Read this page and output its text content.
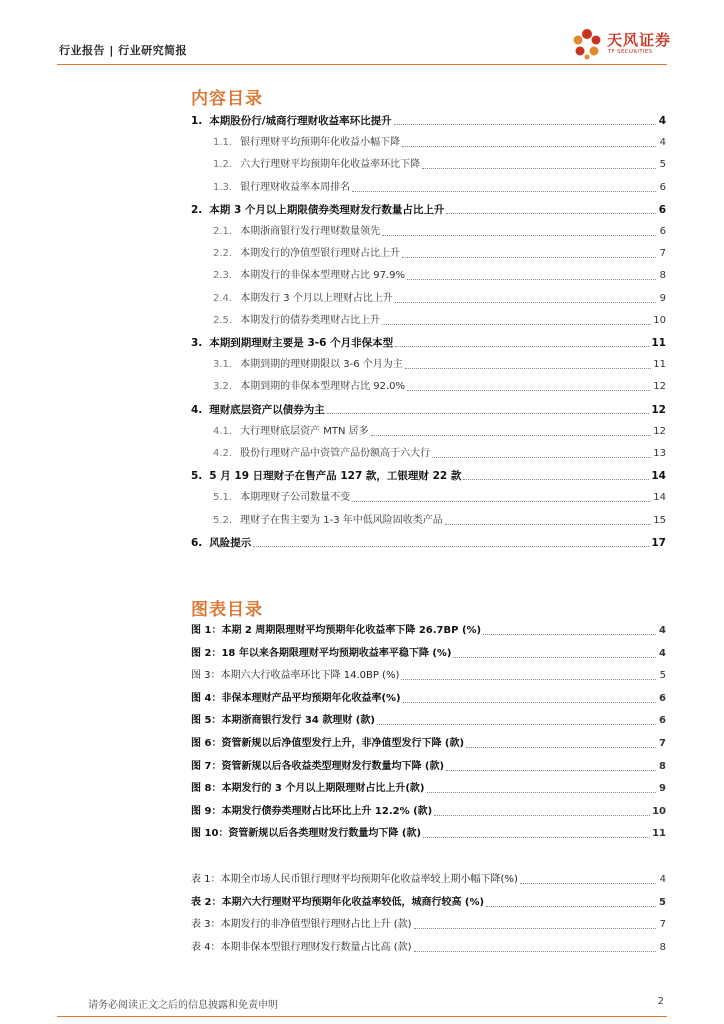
行业报告 | 行业研究简报
天风证券
TF SECURITIES
内容目录
1. 本期股份行/城商行理财收益率环比提升	4
1.1. 银行理财平均预期年化收益小幅下降	4
1.2. 六大行理财平均预期年化收益率环比下降	5
1.3. 银行理财收益率本周排名	6
2. 本期 3 个月以上期限债券类理财发行数量占比上升	6
2.1. 本期浙商银行发行理财数量领先	6
2.2. 本期发行的净值型银行理财占比上升	7
2.3. 本期发行的非保本型理财占比 97.9%	8
2.4. 本期发行 3 个月以上理财占比上升	9
2.5. 本期发行的债券类理财占比上升	10
3. 本期到期理财主要是 3-6 个月非保本型	11
3.1. 本期到期的理财期限以 3-6 个月为主	11
3.2. 本期到期的非保本型理财占比 92.0%	12
4. 理财底层资产以债券为主	12
4.1. 大行理财底层资产 MTN 居多	12
4.2. 股份行理财产品中资管产品份额高于六大行	13
5. 5 月 19 日理财子在售产品 127 款，工银理财 22 款	14
5.1. 本期理财子公司数量不变	14
5.2. 理财子在售主要为 1-3 年中低风险固收类产品	15
6. 风险提示	17
图表目录
图 1：本期 2 周期限理财平均预期年化收益率下降 26.7BP (%)	4
图 2：18 年以来各期限理财平均预期收益率平稳下降 (%)	4
图 3：本期六大行收益率环比下降 14.0BP (%)	5
图 4：非保本理财产品平均预期年化收益率(%)	6
图 5：本期浙商银行发行 34 款理财 (款)	6
图 6：资管新规以后净值型发行上升，非净值型发行下降 (款)	7
图 7：资管新规以后各收益类型理财发行数量均下降 (款)	8
图 8：本期发行的 3 个月以上期限理财占比上升(款)	9
图 9：本期发行债券类理财占比环比上升 12.2% (款)	10
图 10：资管新规以后各类理财发行数量均下降 (款)	11
表 1：本期全市场人民币银行理财平均预期年化收益率较上期小幅下降(%)	4
表 2：本期六大行理财平均预期年化收益率较低，城商行较高 (%)	5
表 3：本期发行的非净值型银行理财占比上升 (款)	7
表 4：本期非保本型银行理财发行数量占比高 (款)	8
请务必阅读正文之后的信息披露和免责申明	2
